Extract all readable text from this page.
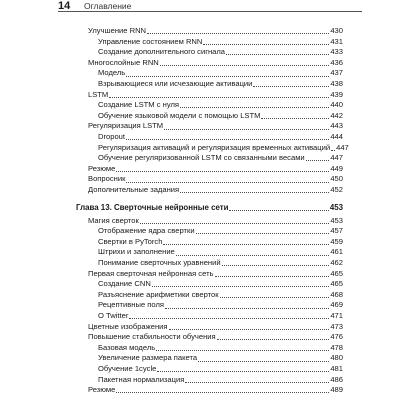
14 Оглавление
Улучшение RNN	430
Управление состоянием RNN	431
Создание дополнительного сигнала	433
Многослойные RNN	436
Модель	437
Взрывающиеся или исчезающие активации	438
LSTM	439
Создание LSTM с нуля	440
Обучение языковой модели с помощью LSTM	442
Регуляризация LSTM	443
Dropout	444
Регуляризация активаций и регуляризация временных активаций 447
Обучение регуляризованной LSTM со связанными весами	447
Резюме	449
Вопросник	450
Дополнительные задания	452
Глава 13. Сверточные нейронные сети	453
Магия сверток	453
Отображение ядра свертки	457
Свертки в PyTorch	459
Штрихи и заполнение	461
Понимание сверточных уравнений	462
Первая сверточная нейронная сеть	465
Создание CNN	465
Разъяснение арифметики сверток	468
Рецептивные поля	469
О Twitter	471
Цветные изображения	473
Повышение стабильности обучения	476
Базовая модель	478
Увеличение размера пакета	480
Обучение 1cycle	481
Пакетная нормализация	486
Резюме	489
